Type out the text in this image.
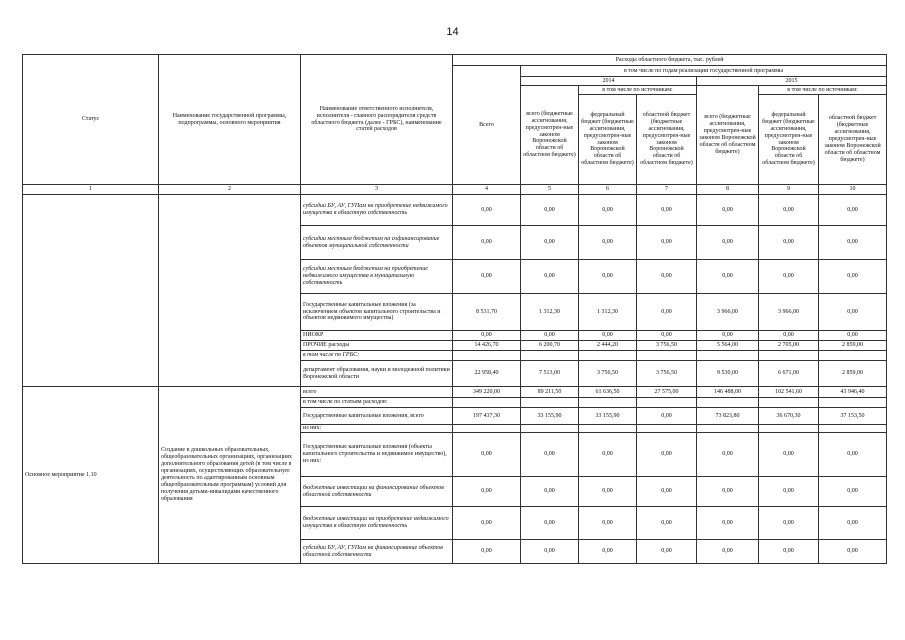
14
Статус	Наименование государственной программы, подпрограммы, основного мероприятия	Наименование ответственного исполнителя, исполнителя - главного распорядителя средств областного бюджета (далее - ГРБС), наименование статей расходов	Расходы областного бюджета, тыс. рублей						
			Всего	в том числе по годам реализации государственной программы					
				2014			2015		
				всего (бюджетные ассигнования, предусмотрен-ные законом Воронежской области об областном бюджете)	в том числе по источникам:		всего (бюджетные ассигнования, предусмотрен-ные законом Воронежской области об областном бюджете)	в том числе по источникам:	
					федеральный бюджет (бюджетные ассигнования, предусмотрен-ные законом Воронежской области об областном бюджете)	областной бюджет (бюджетные ассигнования, предусмотрен-ные законом Воронежской области об областном бюджете)		федеральный бюджет (бюджетные ассигнования, предусмотрен-ные законом Воронежской области об областном бюджете)	областной бюджет (бюджетные ассигнования, предусмотрен-ные законом Воронежской области об областном бюджете)
1	2	3	4	5	6	7	8	9	10
		субсидии БУ, АУ, ГУПам на приобретение недвижимого имущества в областную собственность	0,00	0,00	0,00	0,00	0,00	0,00	0,00
		субсидии местным бюджетам на софинансирование объектов муниципальной собственности	0,00	0,00	0,00	0,00	0,00	0,00	0,00
		субсидии местным бюджетам на приобретение недвижимого имущества в муниципальную собственность	0,00	0,00	0,00	0,00	0,00	0,00	0,00
		Государственные капитальные вложения (за исключением объектов капитального строительства и объектов недвижимого имущества)	8 531,70	1 312,30	1 312,30	0,00	3 966,00	3 966,00	0,00
		НИОКР	0,00	0,00	0,00	0,00	0,00	0,00	0,00
		ПРОЧИЕ расходы	14 426,70	6 200,70	2 444,20	3 756,50	5 564,00	2 705,00	2 859,00
		в том числе по ГРБС:							
		департамент образования, науки и молодежной политики Воронежской области	22 958,40	7 513,00	3 756,50	3 756,50	9 530,00	6 671,00	2 859,00
Основное мероприятие 1.10	Создание в дошкольных образовательных, общеобразовательных организациях, организациях дополнительного образования детей (в том числе в организациях, осуществляющих образовательную деятельность по адаптированным основным общеобразовательным программам) условий для получения детьми-инвалидами качественного образования	всего	349 220,00	89 211,50	61 636,50	27 575,00	146 488,00	102 541,60	43 946,40
		в том числе по статьям расходов:							
		Государственные капитальные вложения, всего	197 437,30	33 155,90	33 155,90	0,00	73 823,80	36 670,30	37 153,50
		из них:							
		Государственные капитальные вложения (объекты капитального строительства и недвижимое имущество), из них:	0,00	0,00	0,00	0,00	0,00	0,00	0,00
		бюджетные инвестиции на финансирование объектов областной собственности	0,00	0,00	0,00	0,00	0,00	0,00	0,00
		бюджетные инвестиции на приобретение недвижимого имущества в областную собственность	0,00	0,00	0,00	0,00	0,00	0,00	0,00
		субсидии БУ, АУ, ГУПам на финансирование объектов областной собственности	0,00	0,00	0,00	0,00	0,00	0,00	0,00
